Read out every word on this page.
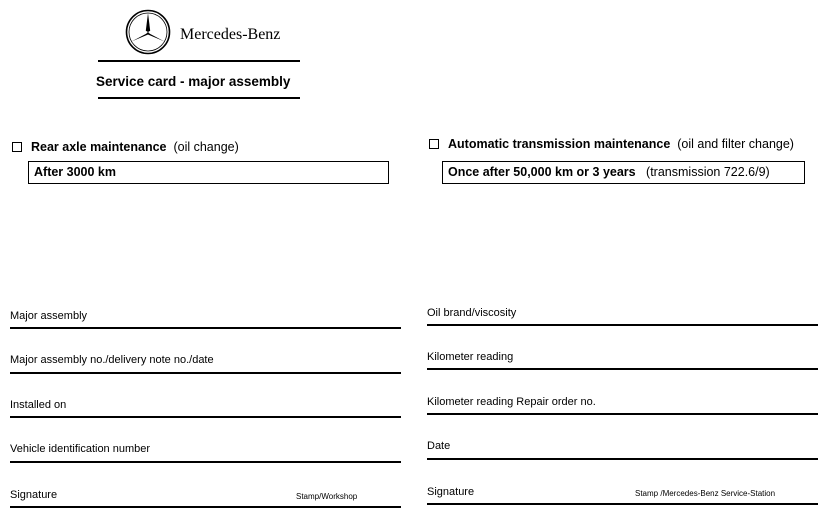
Mercedes-Benz
Service card - major assembly
Rear axle maintenance (oil change)
After 3000 km
Automatic transmission maintenance (oil and filter change)
Once after 50,000 km or 3 years (transmission 722.6/9)
Major assembly
Major assembly no./delivery note no./date
Installed on
Vehicle identification number
Signature	Stamp/Workshop
Oil brand/viscosity
Kilometer reading
Kilometer reading Repair order no.
Date
Signature	Stamp /Mercedes-Benz Service-Station
